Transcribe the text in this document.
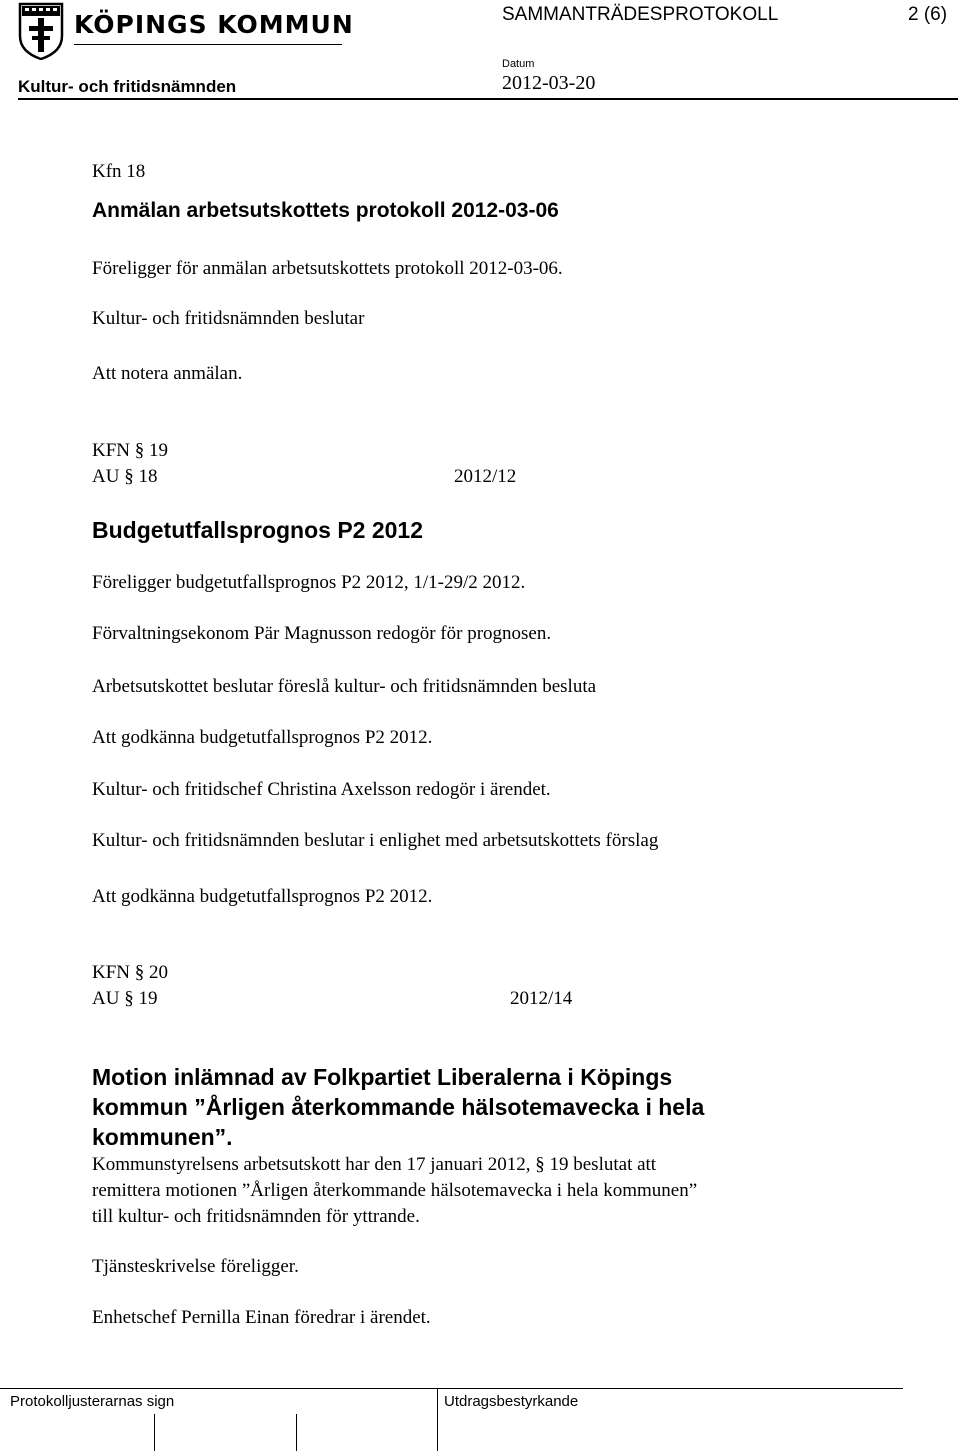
KÖPINGS KOMMUN	SAMMANTRÄDESPROTOKOLL	2 (6)
Kultur- och fritidsnämnden
Datum
2012-03-20
Kfn 18
Anmälan arbetsutskottets protokoll 2012-03-06
Föreligger för anmälan arbetsutskottets protokoll 2012-03-06.
Kultur- och fritidsnämnden beslutar
Att notera anmälan.
KFN § 19
AU § 18	2012/12
Budgetutfallsprognos P2 2012
Föreligger budgetutfallsprognos P2 2012, 1/1-29/2 2012.
Förvaltningsekonom Pär Magnusson redogör för prognosen.
Arbetsutskottet beslutar föreslå kultur- och fritidsnämnden besluta
Att godkänna budgetutfallsprognos P2 2012.
Kultur- och fritidschef Christina Axelsson redogör i ärendet.
Kultur- och fritidsnämnden beslutar i enlighet med arbetsutskottets förslag
Att godkänna budgetutfallsprognos P2 2012.
KFN § 20
AU § 19	2012/14
Motion inlämnad av Folkpartiet Liberalerna i Köpings
kommun ”Årligen återkommande hälsotemavecka i hela
kommunen”.
Kommunstyrelsens arbetsutskott har den 17 januari 2012, § 19 beslutat att
remittera motionen ”Årligen återkommande hälsotemavecka i hela kommunen”
till kultur- och fritidsnämnden för yttrande.
Tjänsteskrivelse föreligger.
Enhetschef Pernilla Einan föredrar i ärendet.
Protokolljusterarnas sign	Utdragsbestyrkande
